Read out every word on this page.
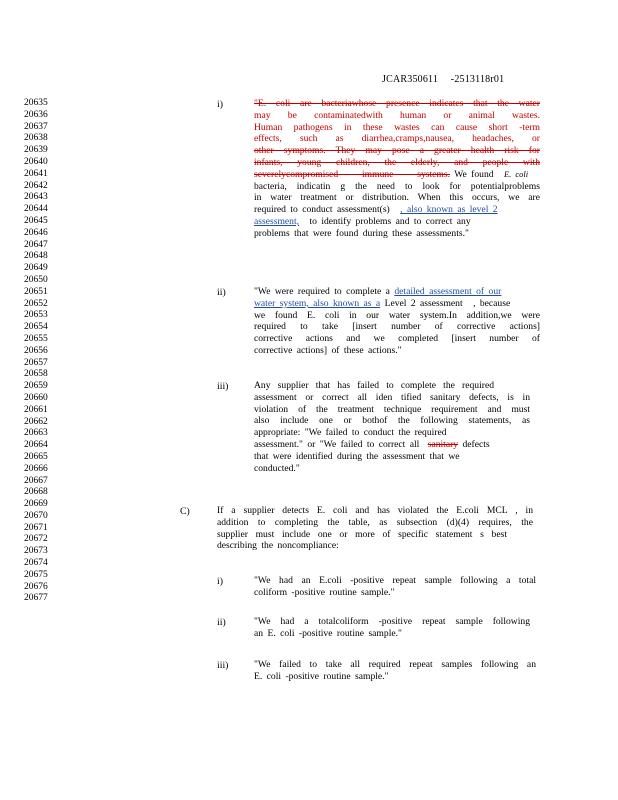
JCAR350611 -2513118r01
20635
20636
20637
20638
20639
20640
20641
20642
20643
20644
20645
20646
20647
20648
20649
20650
20651
20652
20653
20654
20655
20656
20657
20658
20659
20660
20661
20662
20663
20664
20665
20666
20667
20668
20669
20670
20671
20672
20673
20674
20675
20676
20677
i)	"E. coli are bacteriawhose presence indicates that the water
may be contaminatedwith human or animal wastes.
Human pathogens in these wastes can cause short -term
effects, such as diarrhea,cramps,nausea, headaches, or
other symptoms. They may pose a greater health risk for
infants, young children, the elderly, and people with
severelycompromised immune systems. We found E. coli
bacteria, indicatin g the need to look for potentialproblems
in water treatment or distribution. When this occurs, we are
required to conduct assessment(s) , also known as level 2
assessment, to identify problems and to correct any
problems that were found during these assessments."
ii)	"We were required to complete a detailed assessment of our
water system, also known as a Level 2 assessment , because
we found E. coli in our water system.In addition,we were
required to take [insert number of corrective actions]
corrective actions and we completed [insert number of
corrective actions] of these actions."
iii)	Any supplier that has failed to complete the required
assessment or correct all iden tified sanitary defects, is in
violation of the treatment technique requirement and must
also include one or bothof the following statements, as
appropriate: "We failed to conduct the required
assessment." or "We failed to correct all sanitary defects
that were identified during the assessment that we
conducted."
C)	If a supplier detects E. coli and has violated the E.coli MCL , in
addition to completing the table, as subsection (d)(4) requires, the
supplier must include one or more of specific statement s best
describing the noncompliance:
i)	"We had an E.coli -positive repeat sample following a total
coliform -positive routine sample."
ii)	"We had a totalcoliform -positive repeat sample following
an E. coli -positive routine sample."
iii)	"We failed to take all required repeat samples following an
E. coli -positive routine sample."
